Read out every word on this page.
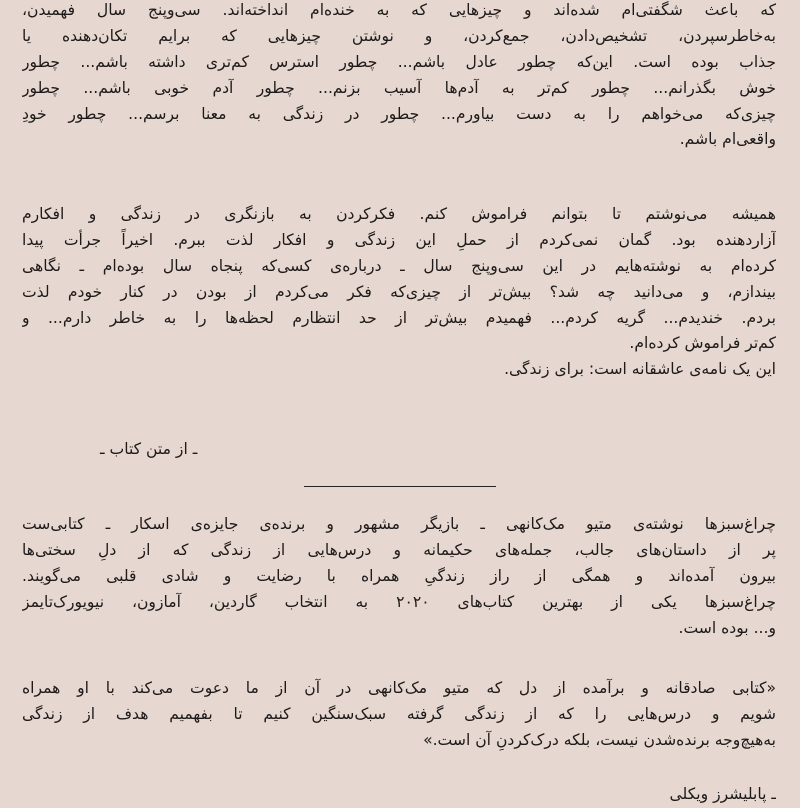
که باعث شگفتی‌ام شده‌اند و چیزهایی که به خنده‌ام انداخته‌اند. سی‌وپنج سال فهمیدن،
به‌خاطرسپردن، تشخیص‌دادن، جمع‌کردن، و نوشتن چیزهایی که برایم تکان‌دهنده یا
جذاب بوده است. این‌که چطور عادل باشم... چطور استرس کم‌تری داشته باشم... چطور
خوش بگذرانم... چطور کم‌تر به آدم‌ها آسیب بزنم... چطور آدم خوبی باشم... چطور
چیزی‌که می‌خواهم را به دست بیاورم... چطور در زندگی به معنا برسم... چطور خودِ
واقعی‌ام باشم.
همیشه می‌نوشتم تا بتوانم فراموش کنم. فکرکردن به بازنگری در زندگی و افکارم
آزاردهنده بود. گمان نمی‌کردم از حملِ این زندگی و افکار لذت ببرم. اخیراً جرأت پیدا
کرده‌ام به نوشته‌هایم در این سی‌وپنج سال ـ درباره‌ی کسی‌که پنجاه سال بوده‌ام ـ نگاهی
بیندازم، و می‌دانید چه شد؟ بیش‌تر از چیزی‌که فکر می‌کردم از بودن در کنار خودم لذت
بردم. خندیدم... گریه کردم... فهمیدم بیش‌تر از حد انتظارم لحظه‌ها را به خاطر دارم... و
کم‌تر فراموش کرده‌ام.
این یک نامه‌ی عاشقانه است: برای زندگی.
ـ از متن کتاب ـ
چراغ‌سبزها نوشته‌ی متیو مک‌کانهی ـ بازیگر مشهور و برنده‌ی جایزه‌ی اسکار ـ کتابی‌ست
پر از داستان‌های جالب، جمله‌های حکیمانه و درس‌هایی از زندگی که از دلِ سختی‌ها
بیرون آمده‌اند و همگی از راز زندگیِ همراه با رضایت و شادی قلبی می‌گویند.
چراغ‌سبزها یکی از بهترین کتاب‌های ۲۰۲۰ به انتخاب گاردین، آمازون، نیویورک‌تایمز
و... بوده است.
«کتابی صادقانه و برآمده از دل که متیو مک‌کانهی در آن از ما دعوت می‌کند با او همراه
شویم و درس‌هایی را که از زندگی گرفته سبک‌سنگین کنیم تا بفهمیم هدف از زندگی
به‌هیچ‌وجه برنده‌شدن نیست، بلکه درک‌کردنِ آن است.»
ـ پابلیشرز ویکلی
